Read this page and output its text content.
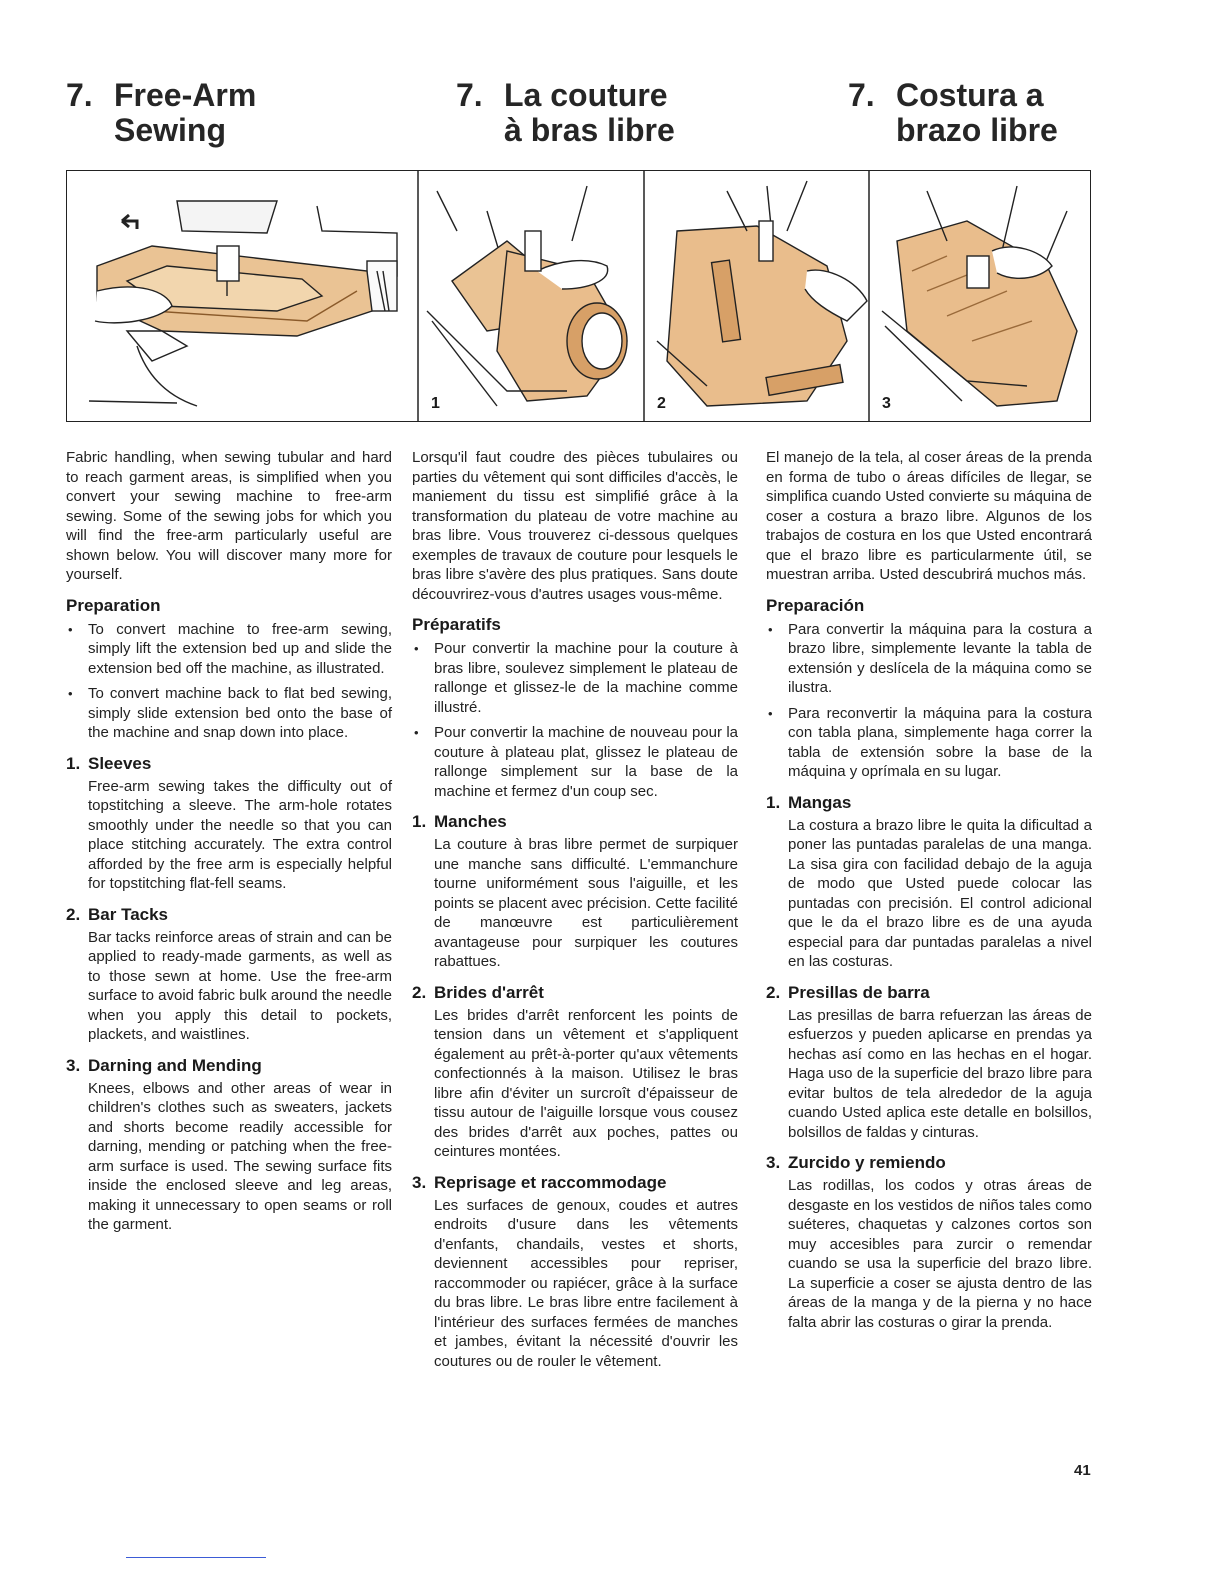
7. Free-Arm
Sewing
7. La couture
à bras libre
7. Costura a
brazo libre
1	2	3

Fabric handling, when sewing tubular and hard to reach garment areas, is simplified when you convert your sewing machine to free-arm sewing. Some of the sewing jobs for which you will find the free-arm particularly useful are shown below. You will discover many more for yourself.

Preparation
• To convert machine to free-arm sewing, simply lift the extension bed up and slide the extension bed off the machine, as illustrated.
• To convert machine back to flat bed sewing, simply slide extension bed onto the base of the machine and snap down into place.
1. Sleeves
Free-arm sewing takes the difficulty out of topstitching a sleeve. The arm-hole rotates smoothly under the needle so that you can place stitching accurately. The extra control afforded by the free arm is especially helpful for topstitching flat-fell seams.
2. Bar Tacks
Bar tacks reinforce areas of strain and can be applied to ready-made garments, as well as to those sewn at home. Use the free-arm surface to avoid fabric bulk around the needle when you apply this detail to pockets, plackets, and waistlines.
3. Darning and Mending
Knees, elbows and other areas of wear in children's clothes such as sweaters, jackets and shorts become readily accessible for darning, mending or patching when the free-arm surface is used. The sewing surface fits inside the enclosed sleeve and leg areas, making it unnecessary to open seams or roll the garment.

Lorsqu'il faut coudre des pièces tubulaires ou parties du vêtement qui sont difficiles d'accès, le maniement du tissu est simplifié grâce à la transformation du plateau de votre machine au bras libre. Vous trouverez ci-dessous quelques exemples de travaux de couture pour lesquels le bras libre s'avère des plus pratiques. Sans doute découvrirez-vous d'autres usages vous-même.

Préparatifs
• Pour convertir la machine pour la couture à bras libre, soulevez simplement le plateau de rallonge et glissez-le de la machine comme illustré.
• Pour convertir la machine de nouveau pour la couture à plateau plat, glissez le plateau de rallonge simplement sur la base de la machine et fermez d'un coup sec.
1. Manches
La couture à bras libre permet de surpiquer une manche sans difficulté. L'emmanchure tourne uniformément sous l'aiguille, et les points se placent avec précision. Cette facilité de manœuvre est particulièrement avantageuse pour surpiquer les coutures rabattues.
2. Brides d'arrêt
Les brides d'arrêt renforcent les points de tension dans un vêtement et s'appliquent également au prêt-à-porter qu'aux vêtements confectionnés à la maison. Utilisez le bras libre afin d'éviter un surcroît d'épaisseur de tissu autour de l'aiguille lorsque vous cousez des brides d'arrêt aux poches, pattes ou ceintures montées.
3. Reprisage et raccommodage
Les surfaces de genoux, coudes et autres endroits d'usure dans les vêtements d'enfants, chandails, vestes et shorts, deviennent accessibles pour repriser, raccommoder ou rapiécer, grâce à la surface du bras libre. Le bras libre entre facilement à l'intérieur des surfaces fermées de manches et jambes, évitant la nécessité d'ouvrir les coutures ou de rouler le vêtement.

El manejo de la tela, al coser áreas de la prenda en forma de tubo o áreas difíciles de llegar, se simplifica cuando Usted convierte su máquina de coser a costura a brazo libre. Algunos de los trabajos de costura en los que Usted encontrará que el brazo libre es particularmente útil, se muestran arriba. Usted descubrirá muchos más.

Preparación
• Para convertir la máquina para la costura a brazo libre, simplemente levante la tabla de extensión y deslícela de la máquina como se ilustra.
• Para reconvertir la máquina para la costura con tabla plana, simplemente haga correr la tabla de extensión sobre la base de la máquina y oprímala en su lugar.
1. Mangas
La costura a brazo libre le quita la dificultad a poner las puntadas paralelas de una manga. La sisa gira con facilidad debajo de la aguja de modo que Usted puede colocar las puntadas con precisión. El control adicional que le da el brazo libre es de una ayuda especial para dar puntadas paralelas a nivel en las costuras.
2. Presillas de barra
Las presillas de barra refuerzan las áreas de esfuerzos y pueden aplicarse en prendas ya hechas así como en las hechas en el hogar. Haga uso de la superficie del brazo libre para evitar bultos de tela alrededor de la aguja cuando Usted aplica este detalle en bolsillos, bolsillos de faldas y cinturas.
3. Zurcido y remiendo
Las rodillas, los codos y otras áreas de desgaste en los vestidos de niños tales como suéteres, chaquetas y calzones cortos son muy accesibles para zurcir o remendar cuando se usa la superficie del brazo libre. La superficie a coser se ajusta dentro de las áreas de la manga y de la pierna y no hace falta abrir las costuras o girar la prenda.
41
